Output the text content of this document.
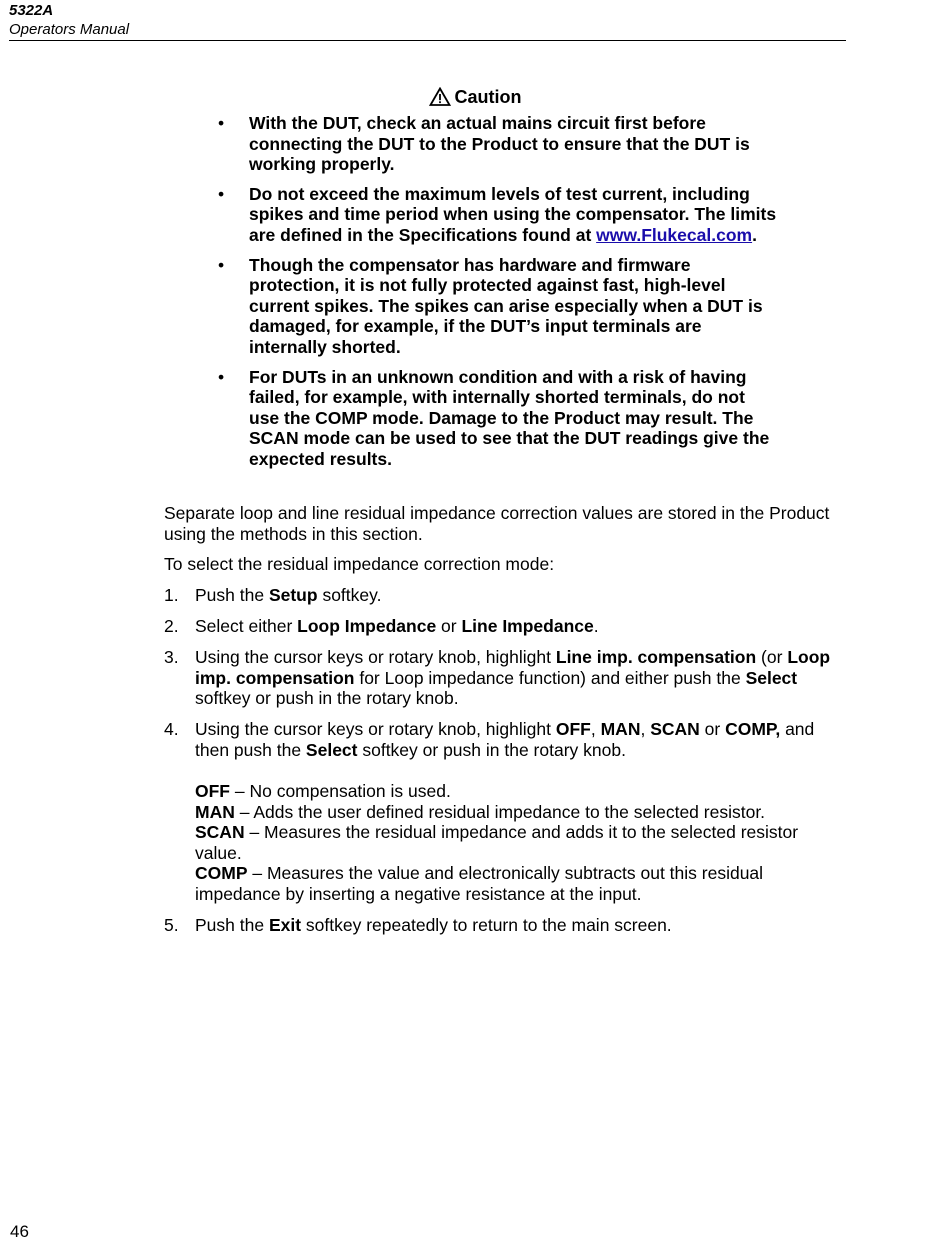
5322A
Operators Manual
Caution
• With the DUT, check an actual mains circuit first before connecting the DUT to the Product to ensure that the DUT is working properly.
• Do not exceed the maximum levels of test current, including spikes and time period when using the compensator. The limits are defined in the Specifications found at www.Flukecal.com.
• Though the compensator has hardware and firmware protection, it is not fully protected against fast, high-level current spikes. The spikes can arise especially when a DUT is damaged, for example, if the DUT’s input terminals are internally shorted.
• For DUTs in an unknown condition and with a risk of having failed, for example, with internally shorted terminals, do not use the COMP mode. Damage to the Product may result. The SCAN mode can be used to see that the DUT readings give the expected results.
Separate loop and line residual impedance correction values are stored in the Product using the methods in this section.
To select the residual impedance correction mode:
1. Push the Setup softkey.
2. Select either Loop Impedance or Line Impedance.
3. Using the cursor keys or rotary knob, highlight Line imp. compensation (or Loop imp. compensation for Loop impedance function) and either push the Select softkey or push in the rotary knob.
4. Using the cursor keys or rotary knob, highlight OFF, MAN, SCAN or COMP, and then push the Select softkey or push in the rotary knob.
OFF – No compensation is used.
MAN – Adds the user defined residual impedance to the selected resistor.
SCAN – Measures the residual impedance and adds it to the selected resistor value.
COMP – Measures the value and electronically subtracts out this residual impedance by inserting a negative resistance at the input.
5. Push the Exit softkey repeatedly to return to the main screen.
46
